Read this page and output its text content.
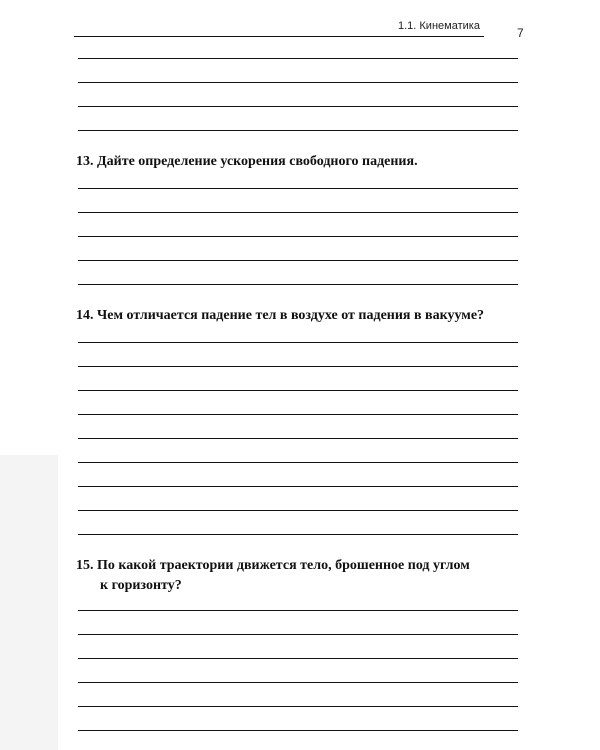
1.1. Кинематика	7
13. Дайте определение ускорения свободного падения.
14. Чем отличается падение тел в воздухе от падения в вакууме?
15. По какой траектории движется тело, брошенное под углом
к горизонту?
